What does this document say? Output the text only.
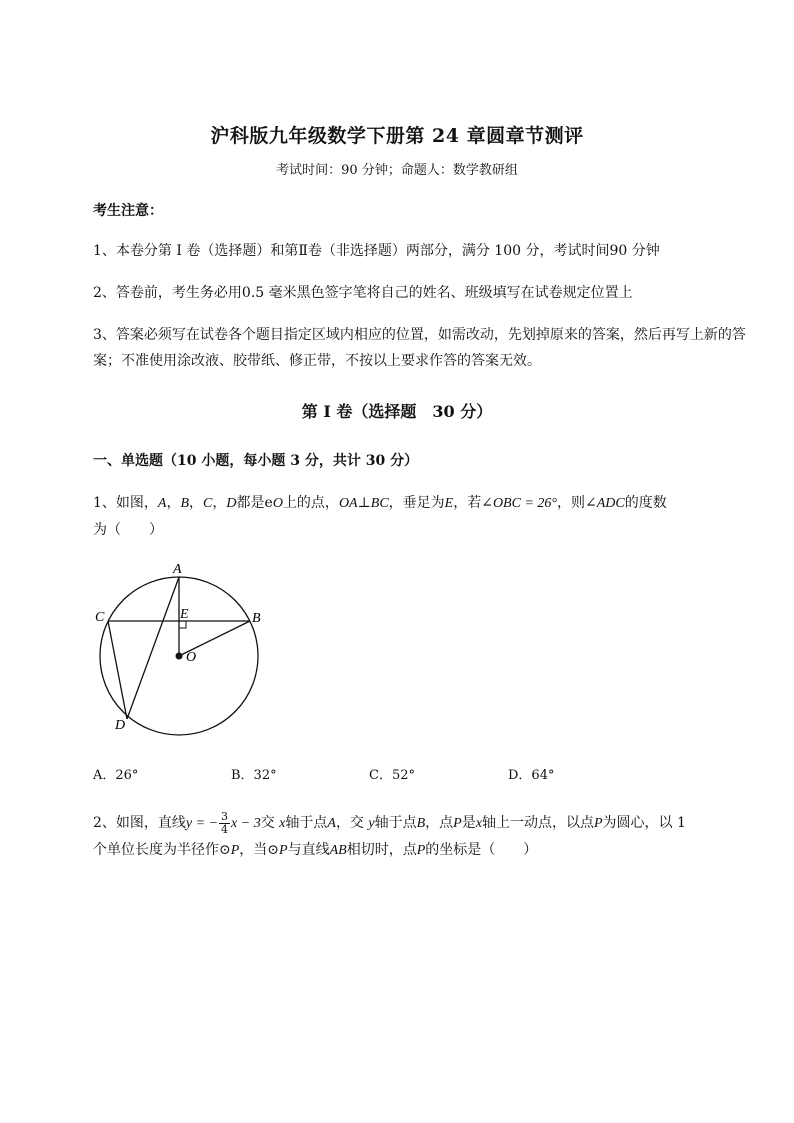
沪科版九年级数学下册第 24 章圆章节测评
考试时间：90 分钟；命题人：数学教研组
考生注意：
1、本卷分第 I 卷（选择题）和第Ⅱ卷（非选择题）两部分，满分 100 分，考试时间90 分钟
2、答卷前，考生务必用0.5 毫米黑色签字笔将自己的姓名、班级填写在试卷规定位置上
3、答案必须写在试卷各个题目指定区域内相应的位置，如需改动，先划掉原来的答案，然后再写上新的答案；不准使用涂改液、胶带纸、修正带，不按以上要求作答的答案无效。
第 I 卷（选择题　30 分）
一、单选题（10 小题，每小题 3 分，共计 30 分）
1、如图，A，B，C，D都是eO上的点，OA⊥BC，垂足为E，若∠OBC = 26°，则∠ADC的度数
为（　　）
A
B
C
D
E
O
A．26°	B．32°	C．52°	D．64°
2、如图，直线y = − $\frac{3}{4}$ x − 3交 x轴于点A，交 y轴于点B，点P是x轴上一动点，以点P为圆心，以 1
个单位长度为半径作⊙P，当⊙P与直线AB相切时，点P的坐标是（　　）
